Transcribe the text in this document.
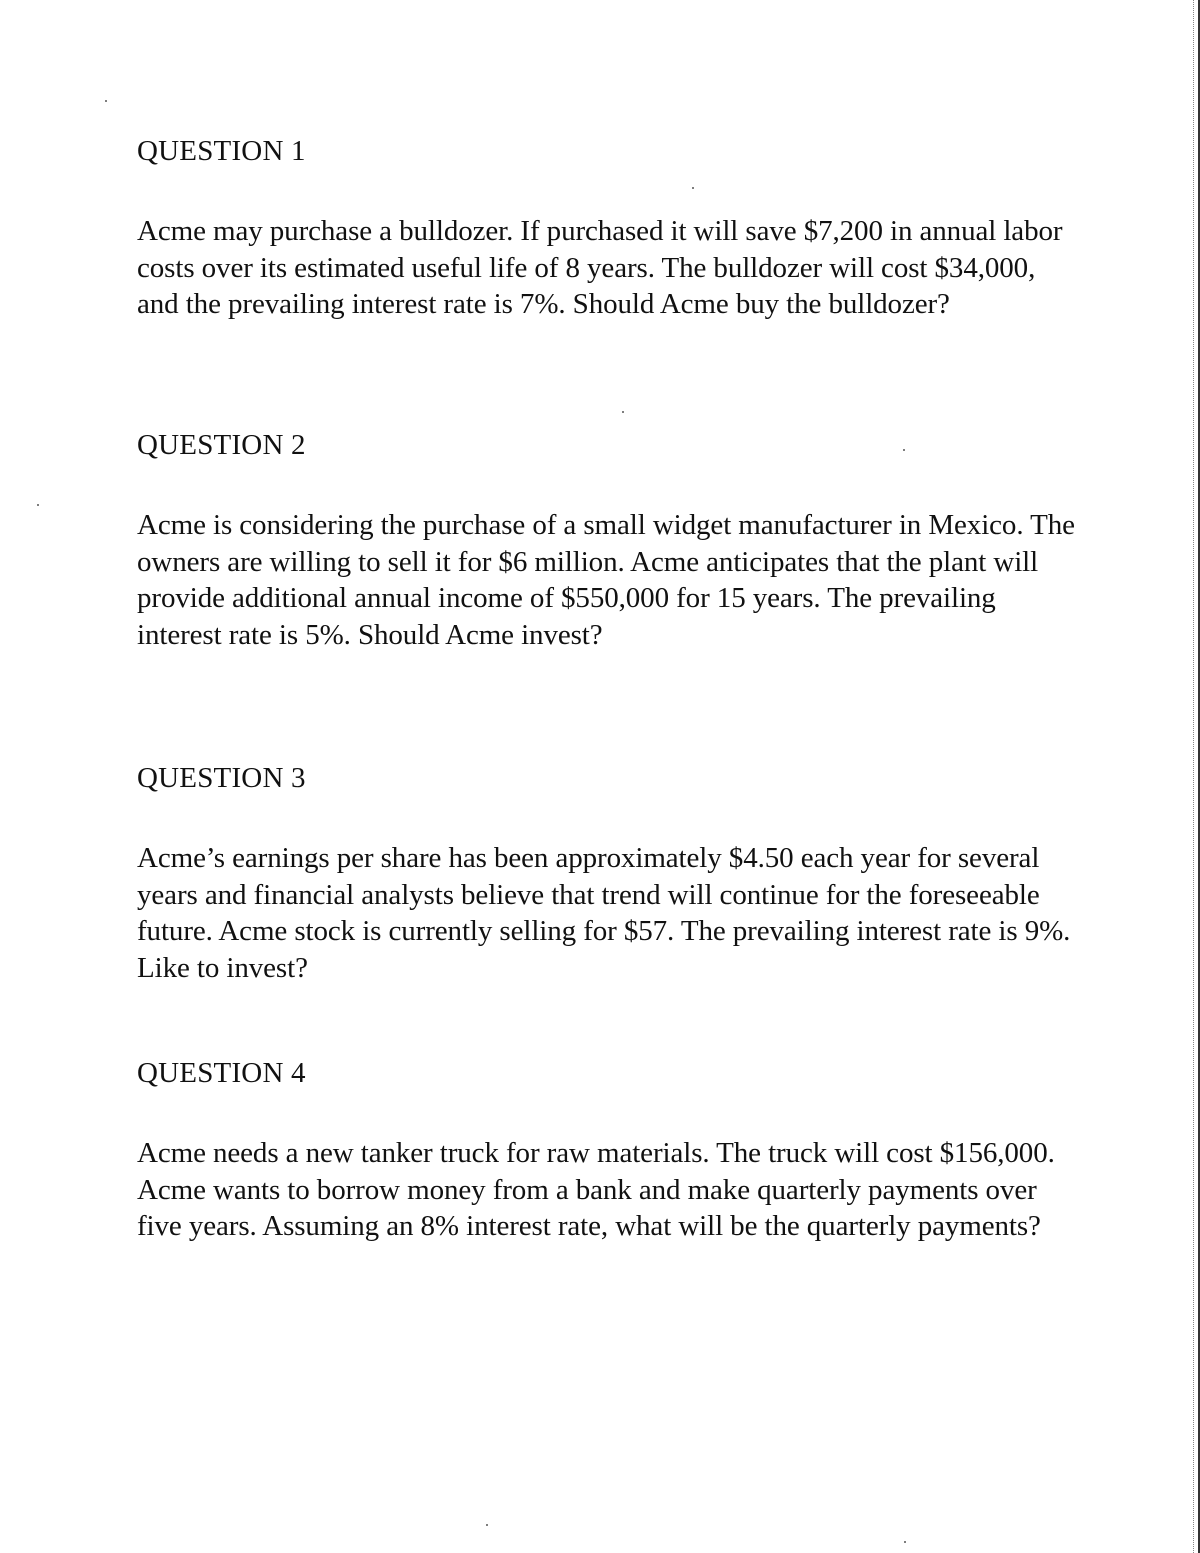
QUESTION 1

Acme may purchase a bulldozer. If purchased it will save $7,200 in annual labor costs over its estimated useful life of 8 years. The bulldozer will cost $34,000, and the prevailing interest rate is 7%. Should Acme buy the bulldozer?

QUESTION 2

Acme is considering the purchase of a small widget manufacturer in Mexico. The owners are willing to sell it for $6 million. Acme anticipates that the plant will provide additional annual income of $550,000 for 15 years. The prevailing interest rate is 5%. Should Acme invest?

QUESTION 3

Acme’s earnings per share has been approximately $4.50 each year for several years and financial analysts believe that trend will continue for the foreseeable future. Acme stock is currently selling for $57. The prevailing interest rate is 9%. Like to invest?

QUESTION 4

Acme needs a new tanker truck for raw materials. The truck will cost $156,000. Acme wants to borrow money from a bank and make quarterly payments over five years. Assuming an 8% interest rate, what will be the quarterly payments?
